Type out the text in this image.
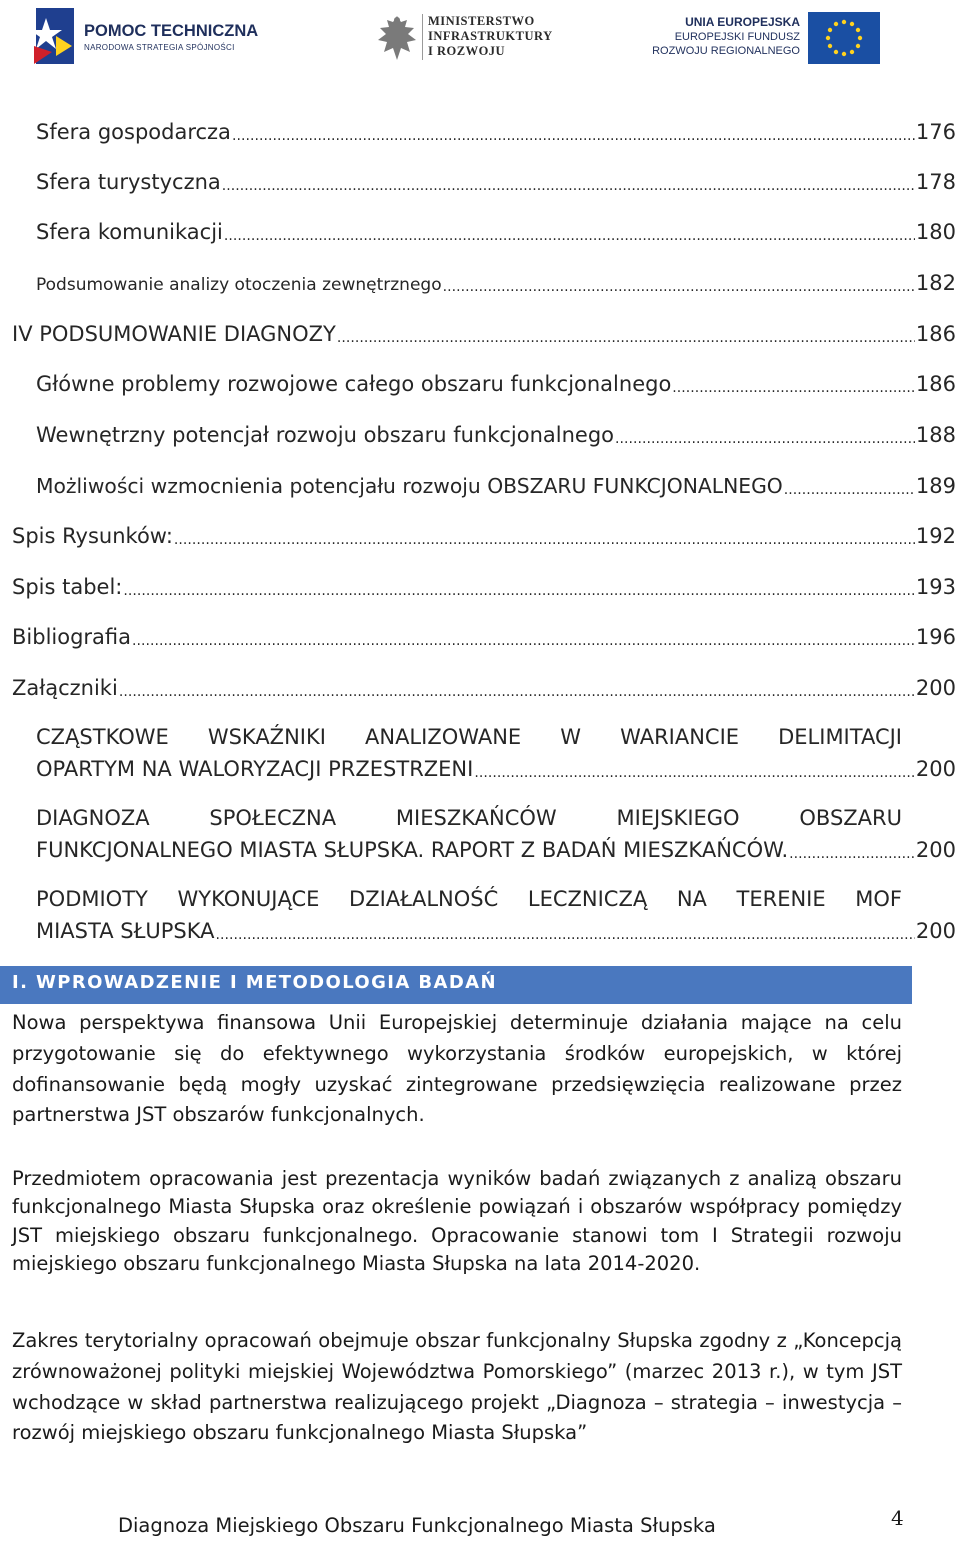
POMOC TECHNICZNA
NARODOWA STRATEGIA SPÓJNOŚCI
MINISTERSTWO
INFRASTRUKTURY
I ROZWOJU
UNIA EUROPEJSKA
EUROPEJSKI FUNDUSZ
ROZWOJU REGIONALNEGO
Sfera gospodarcza . . .	176
Sfera turystyczna . . .	178
Sfera komunikacji . . .	180
Podsumowanie analizy otoczenia zewnętrznego . . .	182
IV PODSUMOWANIE DIAGNOZY . . .	186
Główne problemy rozwojowe całego obszaru funkcjonalnego . . .	186
Wewnętrzny potencjał rozwoju obszaru funkcjonalnego . . .	188
Możliwości wzmocnienia potencjału rozwoju OBSZARU FUNKCJONALNEGO . . .	189
Spis Rysunków: . . .	192
Spis tabel: . . .	193
Bibliografia . . .	196
Załączniki . . .	200
CZĄSTKOWE WSKAŹNIKI ANALIZOWANE W WARIANCIE DELIMITACJI
OPARTYM NA WALORYZACJI PRZESTRZENI . . .	200
DIAGNOZA SPOŁECZNA MIESZKAŃCÓW MIEJSKIEGO OBSZARU
FUNKCJONALNEGO MIASTA SŁUPSKA. RAPORT Z BADAŃ MIESZKAŃCÓW. . . .	200
PODMIOTY WYKONUJĄCE DZIAŁALNOŚĆ LECZNICZĄ NA TERENIE MOF
MIASTA SŁUPSKA . . .	200
I. WPROWADZENIE I METODOLOGIA BADAŃ

Nowa perspektywa finansowa Unii Europejskiej determinuje działania mające na celu przygotowanie się do efektywnego wykorzystania środków europejskich, w której dofinansowanie będą mogły uzyskać zintegrowane przedsięwzięcia realizowane przez partnerstwa JST obszarów funkcjonalnych.

Przedmiotem opracowania jest prezentacja wyników badań związanych z analizą obszaru funkcjonalnego Miasta Słupska oraz określenie powiązań i obszarów współpracy pomiędzy JST miejskiego obszaru funkcjonalnego. Opracowanie stanowi tom I Strategii rozwoju miejskiego obszaru funkcjonalnego Miasta Słupska na lata 2014-2020.

Zakres terytorialny opracowań obejmuje obszar funkcjonalny Słupska zgodny z „Koncepcją zrównoważonej polityki miejskiej Województwa Pomorskiego” (marzec 2013 r.), w tym JST wchodzące w skład partnerstwa realizującego projekt „Diagnoza – strategia – inwestycja – rozwój miejskiego obszaru funkcjonalnego Miasta Słupska”

Diagnoza Miejskiego Obszaru Funkcjonalnego Miasta Słupska	4
